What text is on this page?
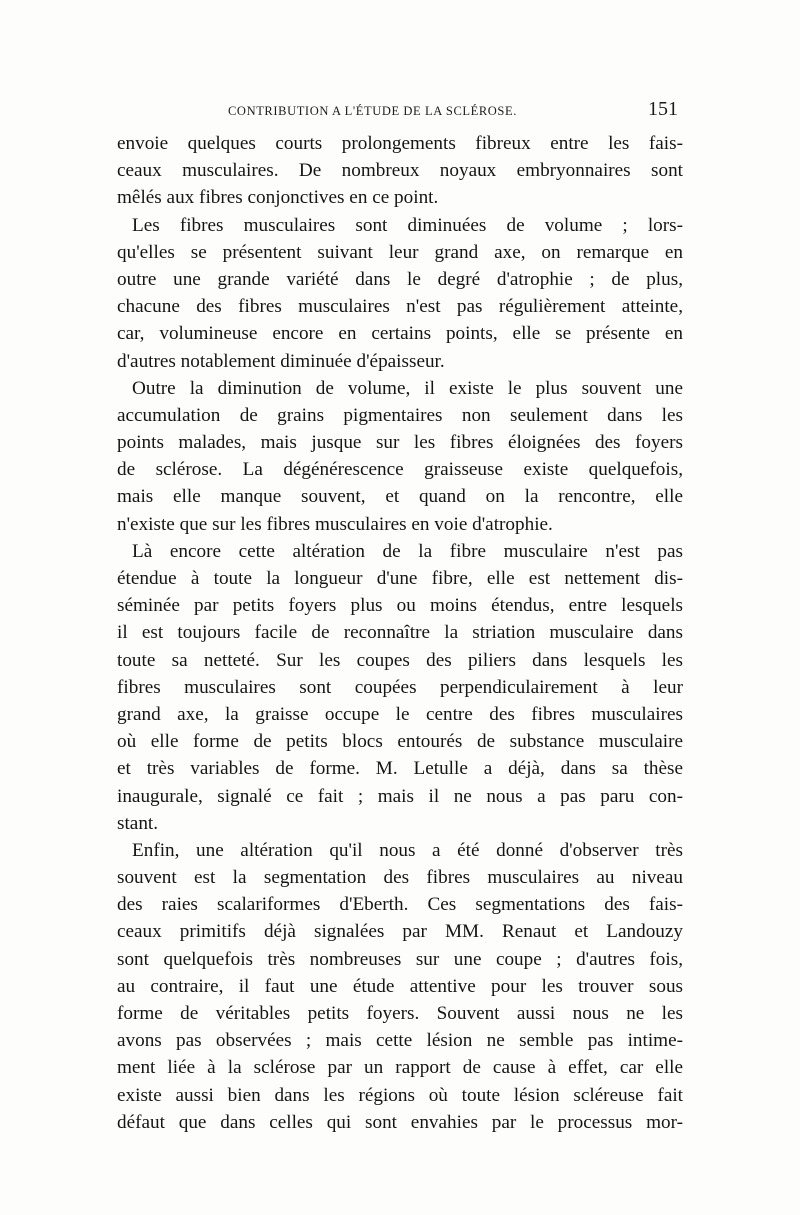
CONTRIBUTION A L'ÉTUDE DE LA SCLÉROSE.	151
envoie quelques courts prolongements fibreux entre les fais-
ceaux musculaires. De nombreux noyaux embryonnaires sont
mêlés aux fibres conjonctives en ce point.
Les fibres musculaires sont diminuées de volume ; lors-
qu'elles se présentent suivant leur grand axe, on remarque en
outre une grande variété dans le degré d'atrophie ; de plus,
chacune des fibres musculaires n'est pas régulièrement atteinte,
car, volumineuse encore en certains points, elle se présente en
d'autres notablement diminuée d'épaisseur.
Outre la diminution de volume, il existe le plus souvent une
accumulation de grains pigmentaires non seulement dans les
points malades, mais jusque sur les fibres éloignées des foyers
de sclérose. La dégénérescence graisseuse existe quelquefois,
mais elle manque souvent, et quand on la rencontre, elle
n'existe que sur les fibres musculaires en voie d'atrophie.
Là encore cette altération de la fibre musculaire n'est pas
étendue à toute la longueur d'une fibre, elle est nettement dis-
séminée par petits foyers plus ou moins étendus, entre lesquels
il est toujours facile de reconnaître la striation musculaire dans
toute sa netteté. Sur les coupes des piliers dans lesquels les
fibres musculaires sont coupées perpendiculairement à leur
grand axe, la graisse occupe le centre des fibres musculaires
où elle forme de petits blocs entourés de substance musculaire
et très variables de forme. M. Letulle a déjà, dans sa thèse
inaugurale, signalé ce fait ; mais il ne nous a pas paru con-
stant.
Enfin, une altération qu'il nous a été donné d'observer très
souvent est la segmentation des fibres musculaires au niveau
des raies scalariformes d'Eberth. Ces segmentations des fais-
ceaux primitifs déjà signalées par MM. Renaut et Landouzy
sont quelquefois très nombreuses sur une coupe ; d'autres fois,
au contraire, il faut une étude attentive pour les trouver sous
forme de véritables petits foyers. Souvent aussi nous ne les
avons pas observées ; mais cette lésion ne semble pas intime-
ment liée à la sclérose par un rapport de cause à effet, car elle
existe aussi bien dans les régions où toute lésion scléreuse fait
défaut que dans celles qui sont envahies par le processus mor-
